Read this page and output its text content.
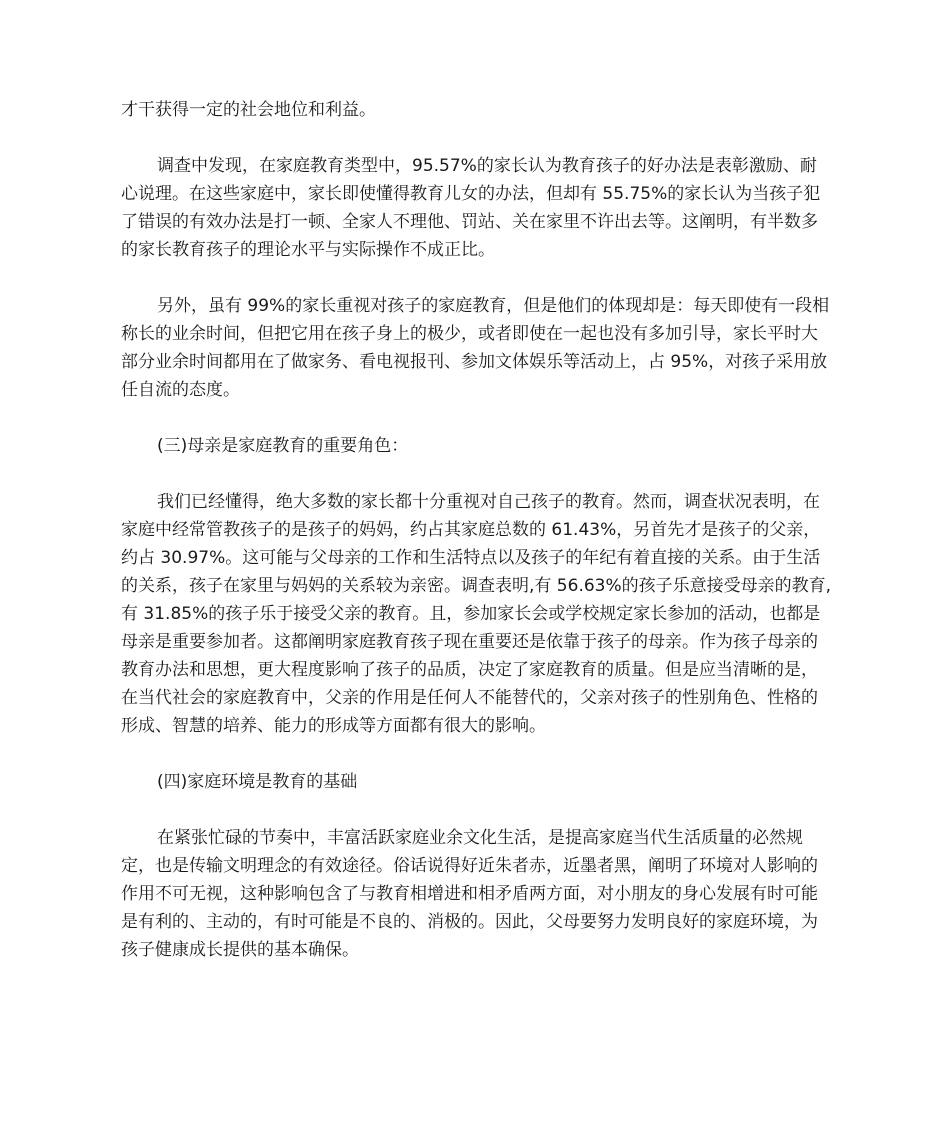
才干获得一定的社会地位和利益。

调查中发现，在家庭教育类型中，95.57%的家长认为教育孩子的好办法是表彰激励、耐心说理。在这些家庭中，家长即使懂得教育儿女的办法，但却有 55.75%的家长认为当孩子犯了错误的有效办法是打一顿、全家人不理他、罚站、关在家里不许出去等。这阐明，有半数多的家长教育孩子的理论水平与实际操作不成正比。

另外，虽有 99%的家长重视对孩子的家庭教育，但是他们的体现却是：每天即使有一段相称长的业余时间，但把它用在孩子身上的极少，或者即使在一起也没有多加引导，家长平时大部分业余时间都用在了做家务、看电视报刊、参加文体娱乐等活动上，占 95%，对孩子采用放任自流的态度。

(三)母亲是家庭教育的重要角色：

我们已经懂得，绝大多数的家长都十分重视对自己孩子的教育。然而，调查状况表明，在家庭中经常管教孩子的是孩子的妈妈，约占其家庭总数的 61.43%，另首先才是孩子的父亲，约占 30.97%。这可能与父母亲的工作和生活特点以及孩子的年纪有着直接的关系。由于生活的关系，孩子在家里与妈妈的关系较为亲密。调查表明,有 56.63%的孩子乐意接受母亲的教育,有 31.85%的孩子乐于接受父亲的教育。且，参加家长会或学校规定家长参加的活动，也都是母亲是重要参加者。这都阐明家庭教育孩子现在重要还是依靠于孩子的母亲。作为孩子母亲的教育办法和思想，更大程度影响了孩子的品质，决定了家庭教育的质量。但是应当清晰的是，在当代社会的家庭教育中，父亲的作用是任何人不能替代的，父亲对孩子的性别角色、性格的形成、智慧的培养、能力的形成等方面都有很大的影响。

(四)家庭环境是教育的基础

在紧张忙碌的节奏中，丰富活跃家庭业余文化生活，是提高家庭当代生活质量的必然规定，也是传输文明理念的有效途径。俗话说得好近朱者赤，近墨者黑，阐明了环境对人影响的作用不可无视，这种影响包含了与教育相增进和相矛盾两方面，对小朋友的身心发展有时可能是有利的、主动的，有时可能是不良的、消极的。因此，父母要努力发明良好的家庭环境，为孩子健康成长提供的基本确保。
